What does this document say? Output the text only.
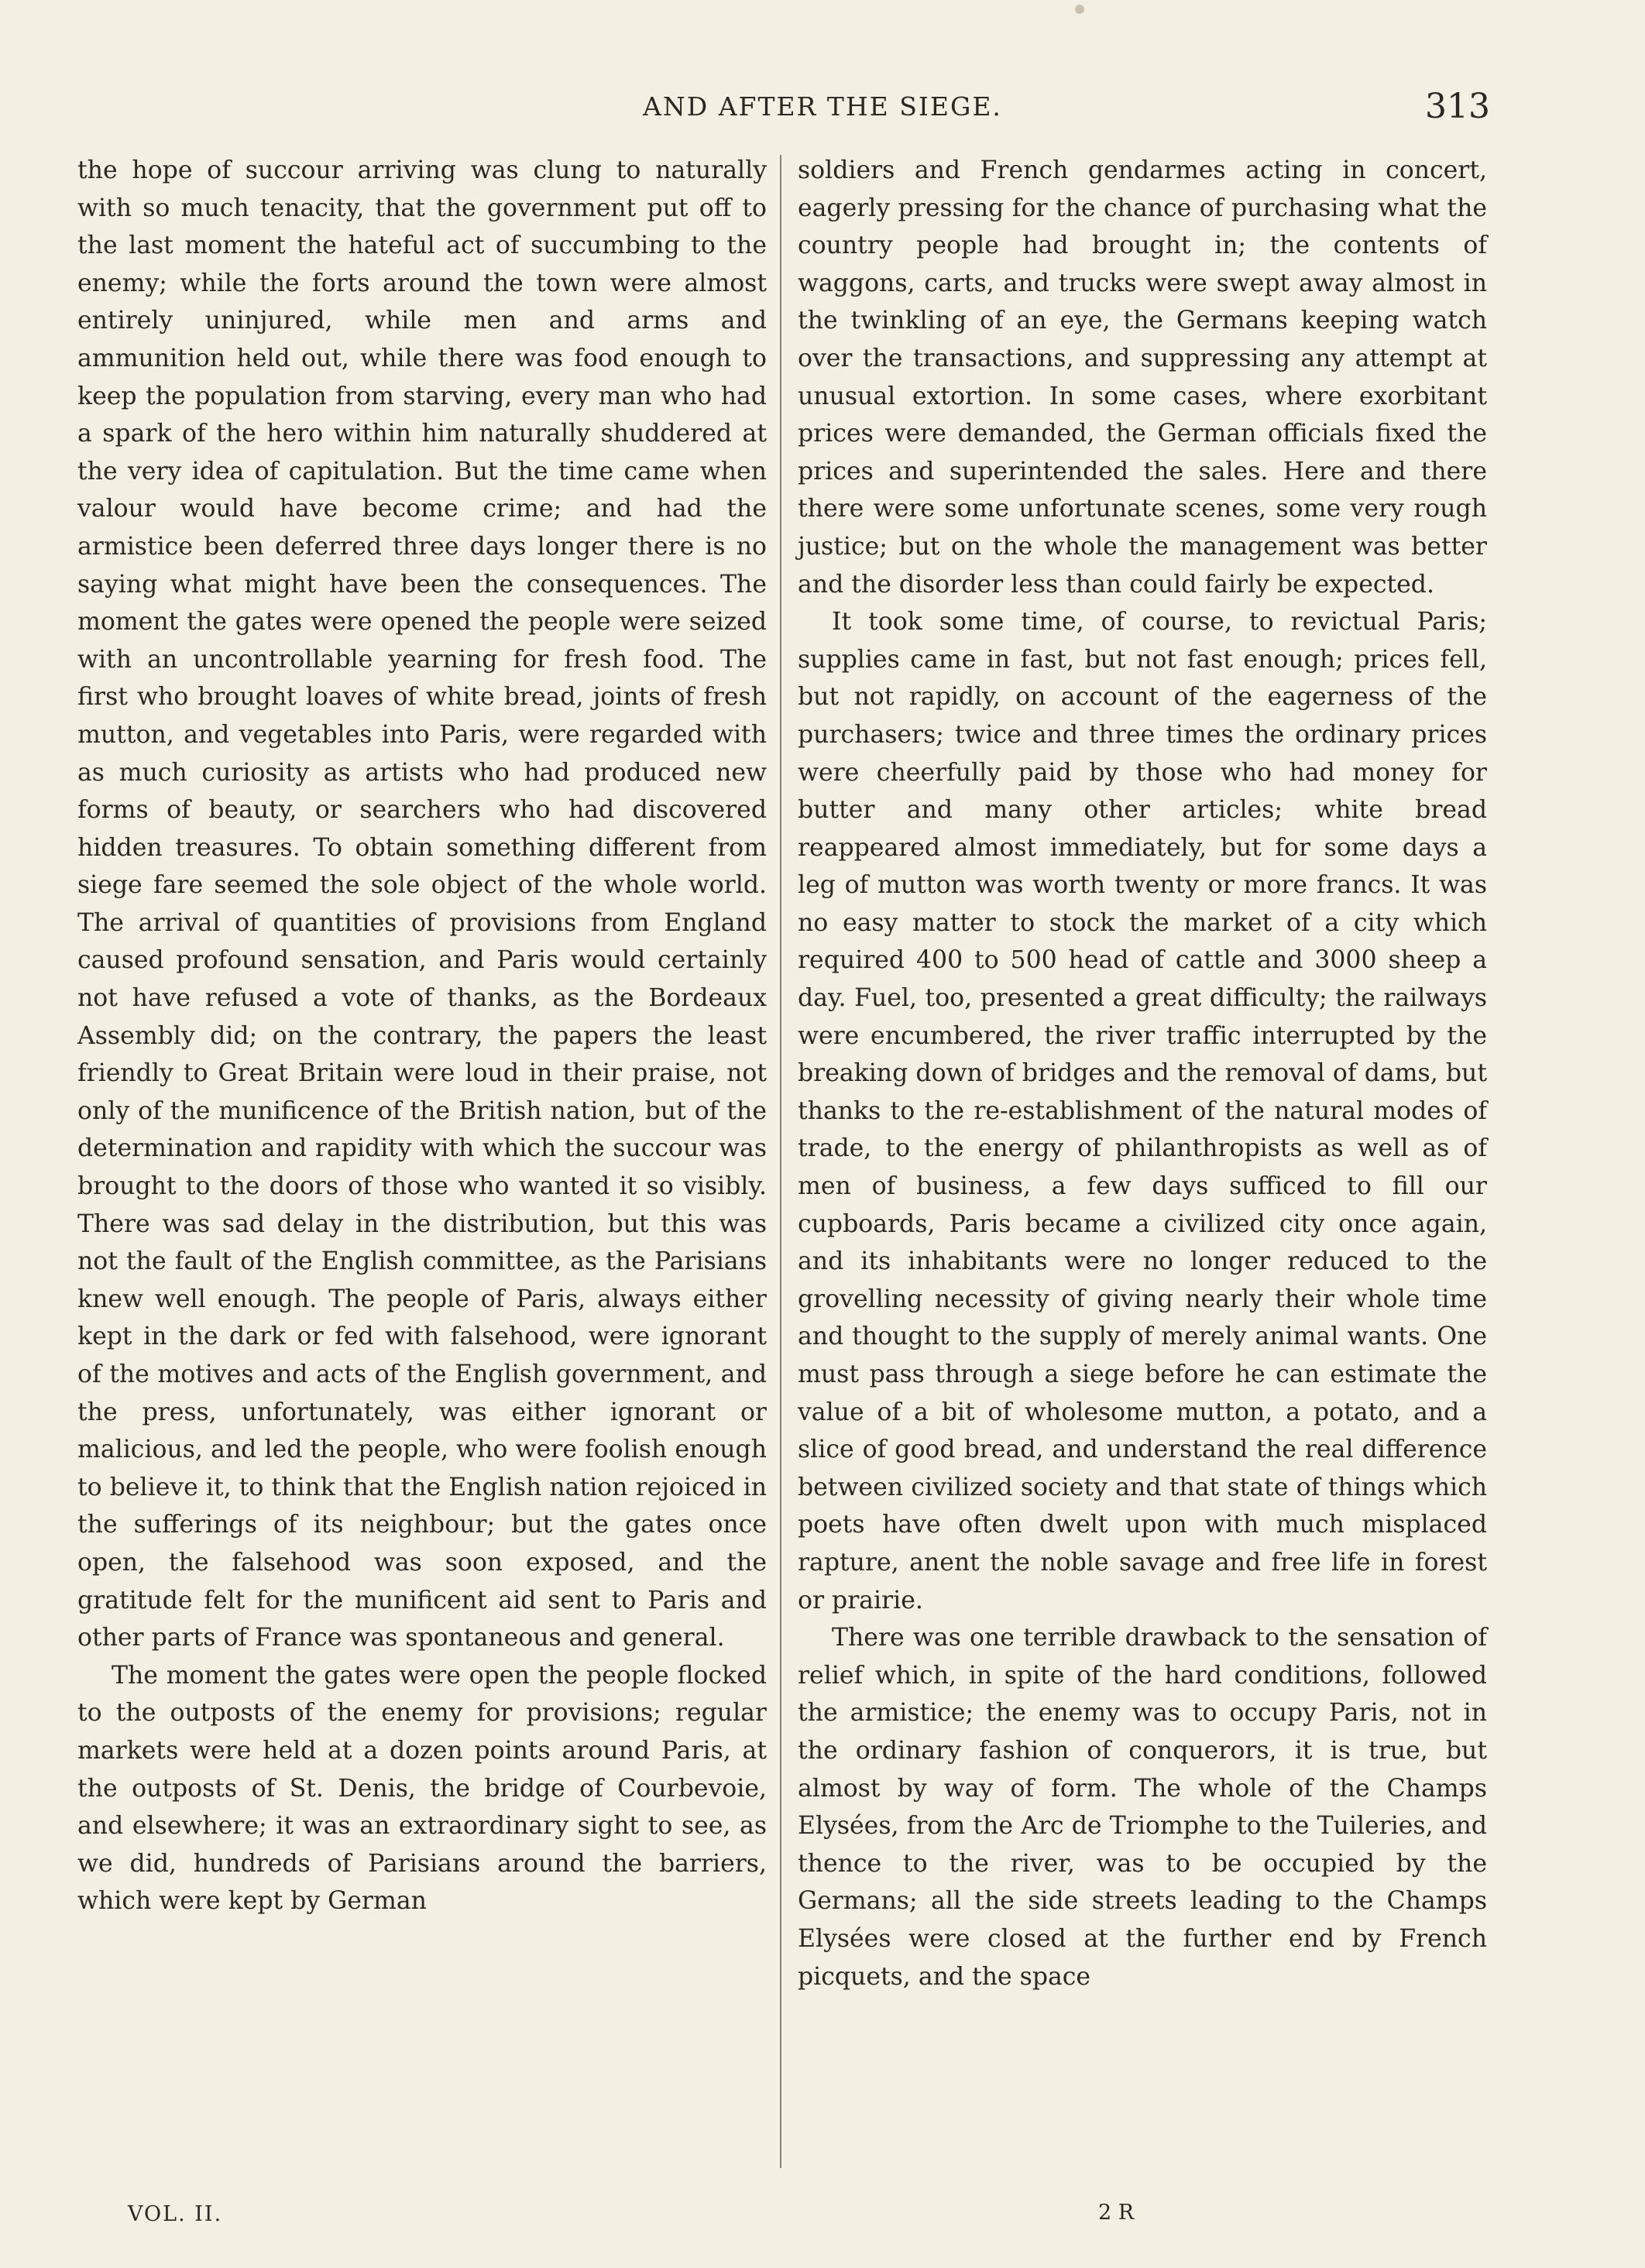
AND AFTER THE SIEGE.	313

the hope of succour arriving was clung to naturally with so much tenacity, that the government put off to the last moment the hateful act of succumbing to the enemy; while the forts around the town were almost entirely uninjured, while men and arms and ammunition held out, while there was food enough to keep the population from starving, every man who had a spark of the hero within him naturally shuddered at the very idea of capitulation. But the time came when valour would have become crime; and had the armistice been deferred three days longer there is no saying what might have been the consequences. The moment the gates were opened the people were seized with an uncontrollable yearning for fresh food. The first who brought loaves of white bread, joints of fresh mutton, and vegetables into Paris, were regarded with as much curiosity as artists who had produced new forms of beauty, or searchers who had discovered hidden treasures. To obtain something different from siege fare seemed the sole object of the whole world. The arrival of quantities of provisions from England caused profound sensation, and Paris would certainly not have refused a vote of thanks, as the Bordeaux Assembly did; on the contrary, the papers the least friendly to Great Britain were loud in their praise, not only of the munificence of the British nation, but of the determination and rapidity with which the succour was brought to the doors of those who wanted it so visibly. There was sad delay in the distribution, but this was not the fault of the English committee, as the Parisians knew well enough. The people of Paris, always either kept in the dark or fed with falsehood, were ignorant of the motives and acts of the English government, and the press, unfortunately, was either ignorant or malicious, and led the people, who were foolish enough to believe it, to think that the English nation rejoiced in the sufferings of its neighbour; but the gates once open, the falsehood was soon exposed, and the gratitude felt for the munificent aid sent to Paris and other parts of France was spontaneous and general.

The moment the gates were open the people flocked to the outposts of the enemy for provisions; regular markets were held at a dozen points around Paris, at the outposts of St. Denis, the bridge of Courbevoie, and elsewhere; it was an extraordinary sight to see, as we did, hundreds of Parisians around the barriers, which were kept by German

soldiers and French gendarmes acting in concert, eagerly pressing for the chance of purchasing what the country people had brought in; the contents of waggons, carts, and trucks were swept away almost in the twinkling of an eye, the Germans keeping watch over the transactions, and suppressing any attempt at unusual extortion. In some cases, where exorbitant prices were demanded, the German officials fixed the prices and superintended the sales. Here and there there were some unfortunate scenes, some very rough justice; but on the whole the management was better and the disorder less than could fairly be expected.

It took some time, of course, to revictual Paris; supplies came in fast, but not fast enough; prices fell, but not rapidly, on account of the eagerness of the purchasers; twice and three times the ordinary prices were cheerfully paid by those who had money for butter and many other articles; white bread reappeared almost immediately, but for some days a leg of mutton was worth twenty or more francs. It was no easy matter to stock the market of a city which required 400 to 500 head of cattle and 3000 sheep a day. Fuel, too, presented a great difficulty; the railways were encumbered, the river traffic interrupted by the breaking down of bridges and the removal of dams, but thanks to the re-establishment of the natural modes of trade, to the energy of philanthropists as well as of men of business, a few days sufficed to fill our cupboards, Paris became a civilized city once again, and its inhabitants were no longer reduced to the grovelling necessity of giving nearly their whole time and thought to the supply of merely animal wants. One must pass through a siege before he can estimate the value of a bit of wholesome mutton, a potato, and a slice of good bread, and understand the real difference between civilized society and that state of things which poets have often dwelt upon with much misplaced rapture, anent the noble savage and free life in forest or prairie.

There was one terrible drawback to the sensation of relief which, in spite of the hard conditions, followed the armistice; the enemy was to occupy Paris, not in the ordinary fashion of conquerors, it is true, but almost by way of form. The whole of the Champs Elysées, from the Arc de Triomphe to the Tuileries, and thence to the river, was to be occupied by the Germans; all the side streets leading to the Champs Elysées were closed at the further end by French picquets, and the space

VOL. II.	2 R
